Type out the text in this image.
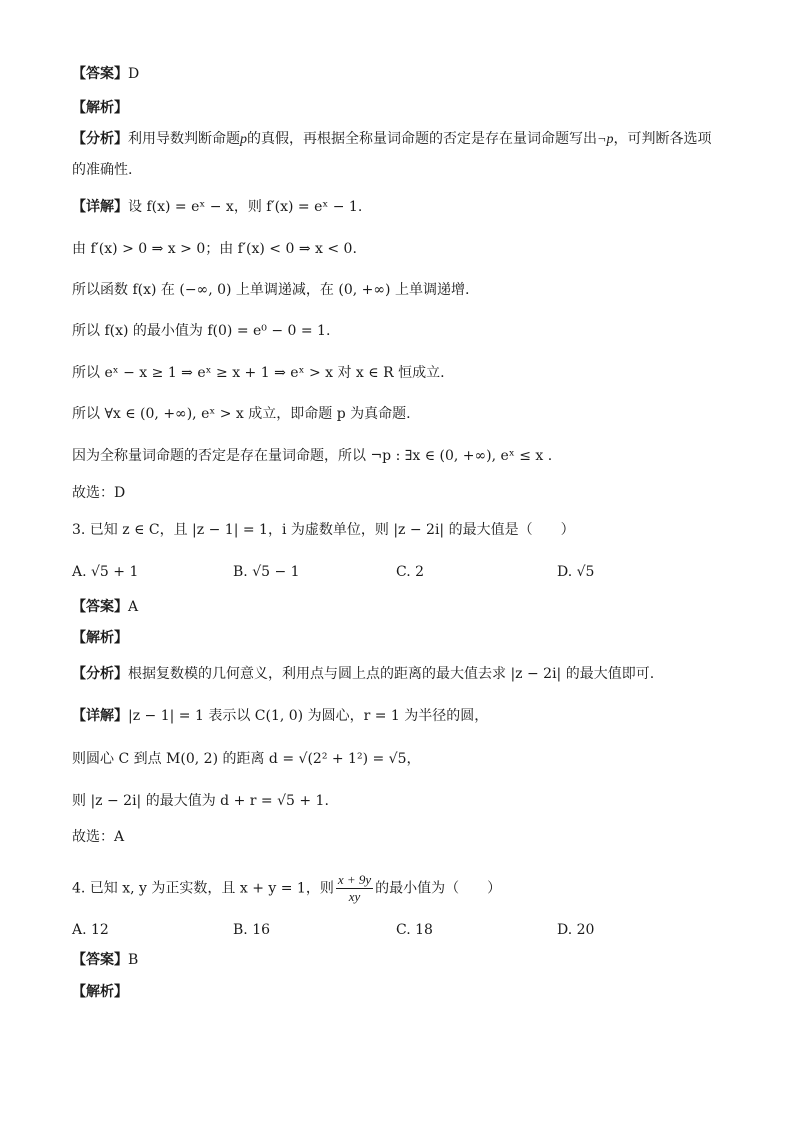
【答案】D
【解析】
【分析】利用导数判断命题p的真假，再根据全称量词命题的否定是存在量词命题写出¬p，可判断各选项
的准确性.
【详解】设 f(x) = eˣ − x，则 f′(x) = eˣ − 1.
由 f′(x) > 0 ⇒ x > 0；由 f′(x) < 0 ⇒ x < 0.
所以函数 f(x) 在 (−∞, 0) 上单调递减，在 (0, +∞) 上单调递增.
所以 f(x) 的最小值为 f(0) = e⁰ − 0 = 1.
所以 eˣ − x ≥ 1 ⇒ eˣ ≥ x + 1 ⇒ eˣ > x 对 x ∈ R 恒成立.
所以 ∀x ∈ (0, +∞), eˣ > x 成立，即命题 p 为真命题.
因为全称量词命题的否定是存在量词命题，所以 ¬p : ∃x ∈ (0, +∞), eˣ ≤ x .
故选：D
3. 已知 z ∈ C，且 |z − 1| = 1，i 为虚数单位，则 |z − 2i| 的最大值是（　　）
A. √5 + 1	B. √5 − 1	C. 2	D. √5
【答案】A
【解析】
【分析】根据复数模的几何意义，利用点与圆上点的距离的最大值去求 |z − 2i| 的最大值即可.
【详解】|z − 1| = 1 表示以 C(1, 0) 为圆心，r = 1 为半径的圆，
则圆心 C 到点 M(0, 2) 的距离 d = √(2² + 1²) = √5，
则 |z − 2i| 的最大值为 d + r = √5 + 1.
故选：A
4. 已知 x, y 为正实数，且 x + y = 1，则 $\frac{x + 9y}{xy}$ 的最小值为（　　）
A. 12	B. 16	C. 18	D. 20
【答案】B
【解析】
